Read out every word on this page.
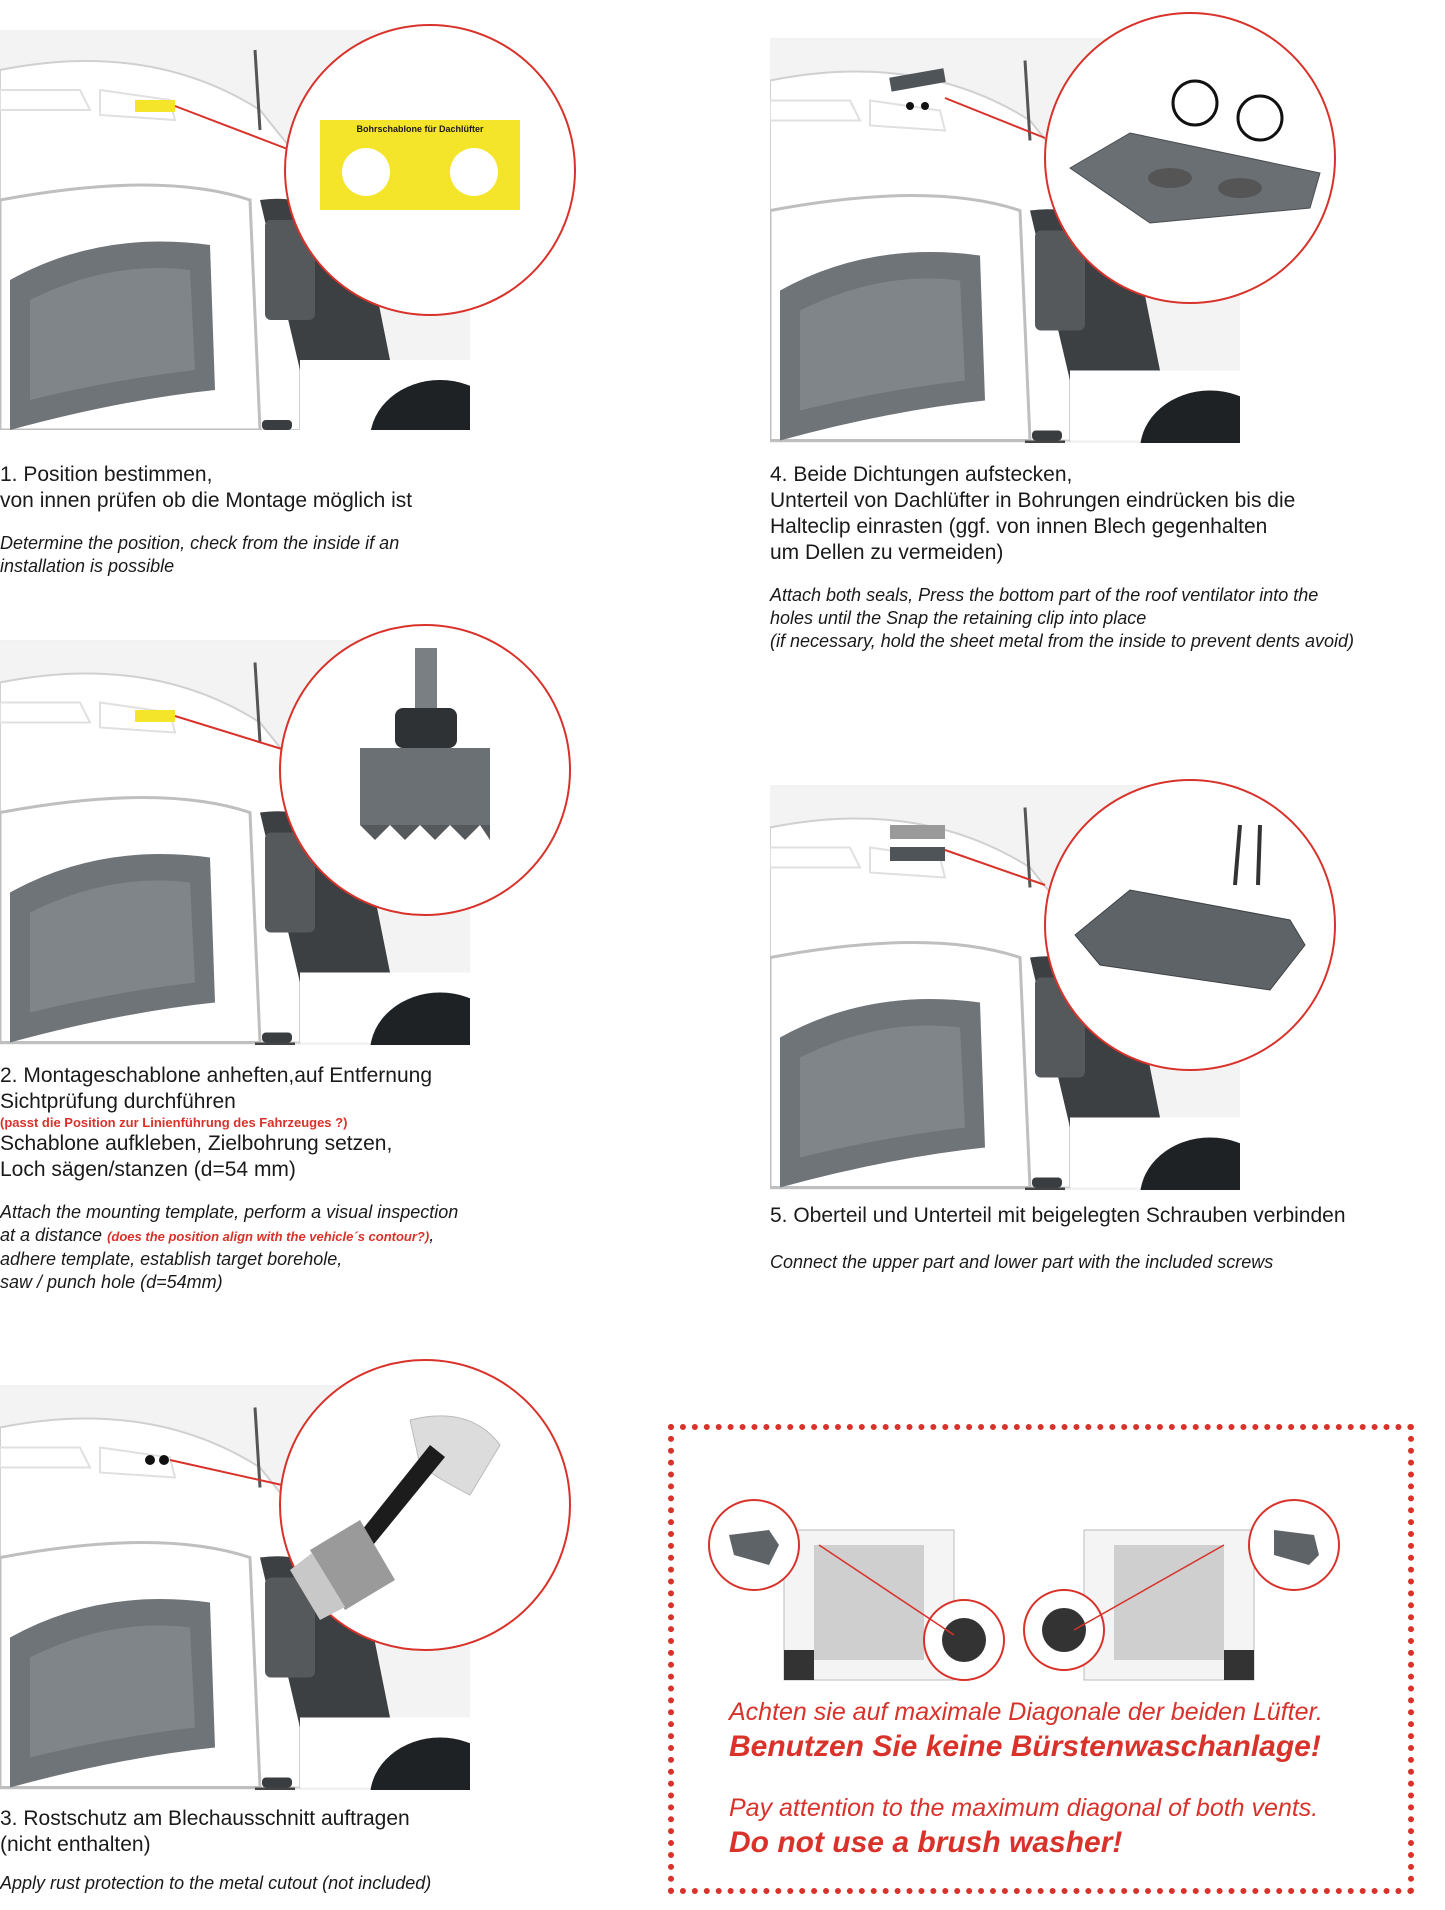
Bohrschablone für Dachlüfter

1. Position bestimmen,

von innen prüfen ob die Montage möglich ist

Determine the position, check from the inside if an

installation is possible

2. Montageschablone anheften,auf Entfernung

Sichtprüfung durchführen

(passt die Position zur Linienführung des Fahrzeuges ?)

Schablone aufkleben, Zielbohrung setzen,

Loch sägen/stanzen (d=54 mm)

Attach the mounting template, perform a visual inspection

at a distance (does the position align with the vehicle´s contour?),

adhere template, establish target borehole,

saw / punch hole (d=54mm)

3. Rostschutz am Blechausschnitt auftragen

(nicht enthalten)

Apply rust protection to the metal cutout (not included)

4. Beide Dichtungen aufstecken,

Unterteil von Dachlüfter in Bohrungen eindrücken bis die

Halteclip einrasten (ggf. von innen Blech gegenhalten

um Dellen zu vermeiden)

Attach both seals, Press the bottom part of the roof ventilator into the

holes until the Snap the retaining clip into place

(if necessary, hold the sheet metal from the inside to prevent dents avoid)

5. Oberteil und Unterteil mit beigelegten Schrauben verbinden

Connect the upper part and lower part with the included screws

Achten sie auf maximale Diagonale der beiden Lüfter.

Benutzen Sie keine Bürstenwaschanlage!

Pay attention to the maximum diagonal of both vents.

Do not use a brush washer!
